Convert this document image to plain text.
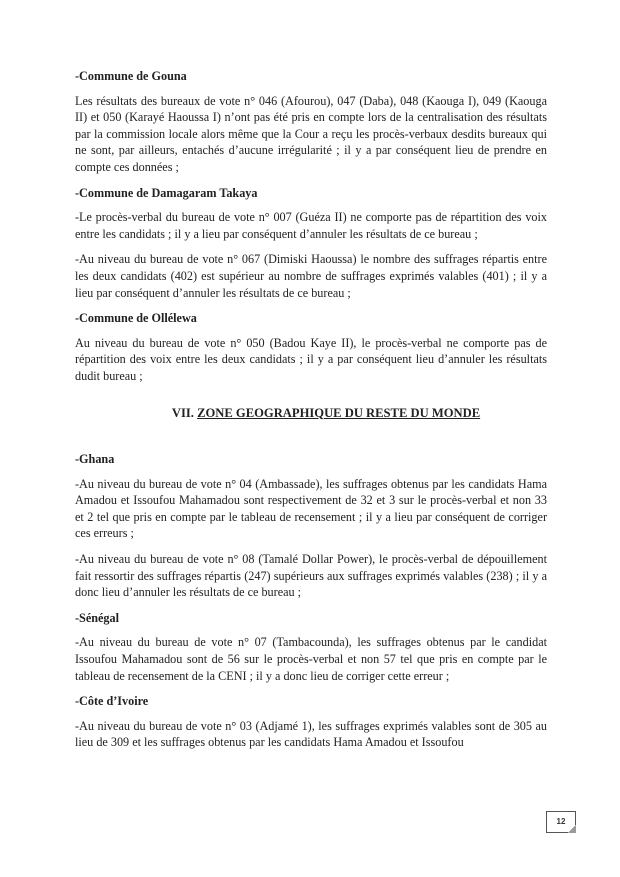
-Commune de Gouna

Les résultats des bureaux de vote n° 046 (Afourou), 047 (Daba), 048 (Kaouga I), 049 (Kaouga II) et 050 (Karayé Haoussa I) n’ont pas été pris en compte lors de la centralisation des résultats par la commission locale alors même que la Cour a reçu les procès-verbaux desdits bureaux qui ne sont, par ailleurs, entachés d’aucune irrégularité ; il y a par conséquent lieu de prendre en compte ces données ;

-Commune de Damagaram Takaya

-Le procès-verbal du bureau de vote n° 007 (Guéza II) ne comporte pas de répartition des voix entre les candidats ; il y a lieu par conséquent d’annuler les résultats de ce bureau ;

-Au niveau du bureau de vote n° 067 (Dimiski Haoussa) le nombre des suffrages répartis entre les deux candidats (402) est supérieur au nombre de suffrages exprimés valables (401) ; il y a lieu par conséquent d’annuler les résultats de ce bureau ;

-Commune de Ollélewa

Au niveau du bureau de vote n° 050 (Badou Kaye II), le procès-verbal ne comporte pas de répartition des voix entre les deux candidats ; il y a par conséquent lieu d’annuler les résultats dudit bureau ;

VII. ZONE GEOGRAPHIQUE DU RESTE DU MONDE

-Ghana

-Au niveau du bureau de vote n° 04 (Ambassade), les suffrages obtenus par les candidats Hama Amadou et Issoufou Mahamadou sont respectivement de 32 et 3 sur le procès-verbal et non 33 et 2 tel que pris en compte par le tableau de recensement ; il y a lieu par conséquent de corriger ces erreurs ;

-Au niveau du bureau de vote n° 08 (Tamalé Dollar Power), le procès-verbal de dépouillement fait ressortir des suffrages répartis (247) supérieurs aux suffrages exprimés valables (238) ; il y a donc lieu d’annuler les résultats de ce bureau ;

-Sénégal

-Au niveau du bureau de vote n° 07 (Tambacounda), les suffrages obtenus par le candidat Issoufou Mahamadou sont de 56 sur le procès-verbal et non 57 tel que pris en compte par le tableau de recensement de la CENI ; il y a donc lieu de corriger cette erreur ;

-Côte d’Ivoire

-Au niveau du bureau de vote n° 03 (Adjamé 1), les suffrages exprimés valables sont de 305 au lieu de 309 et les suffrages obtenus par les candidats Hama Amadou et Issoufou

12
